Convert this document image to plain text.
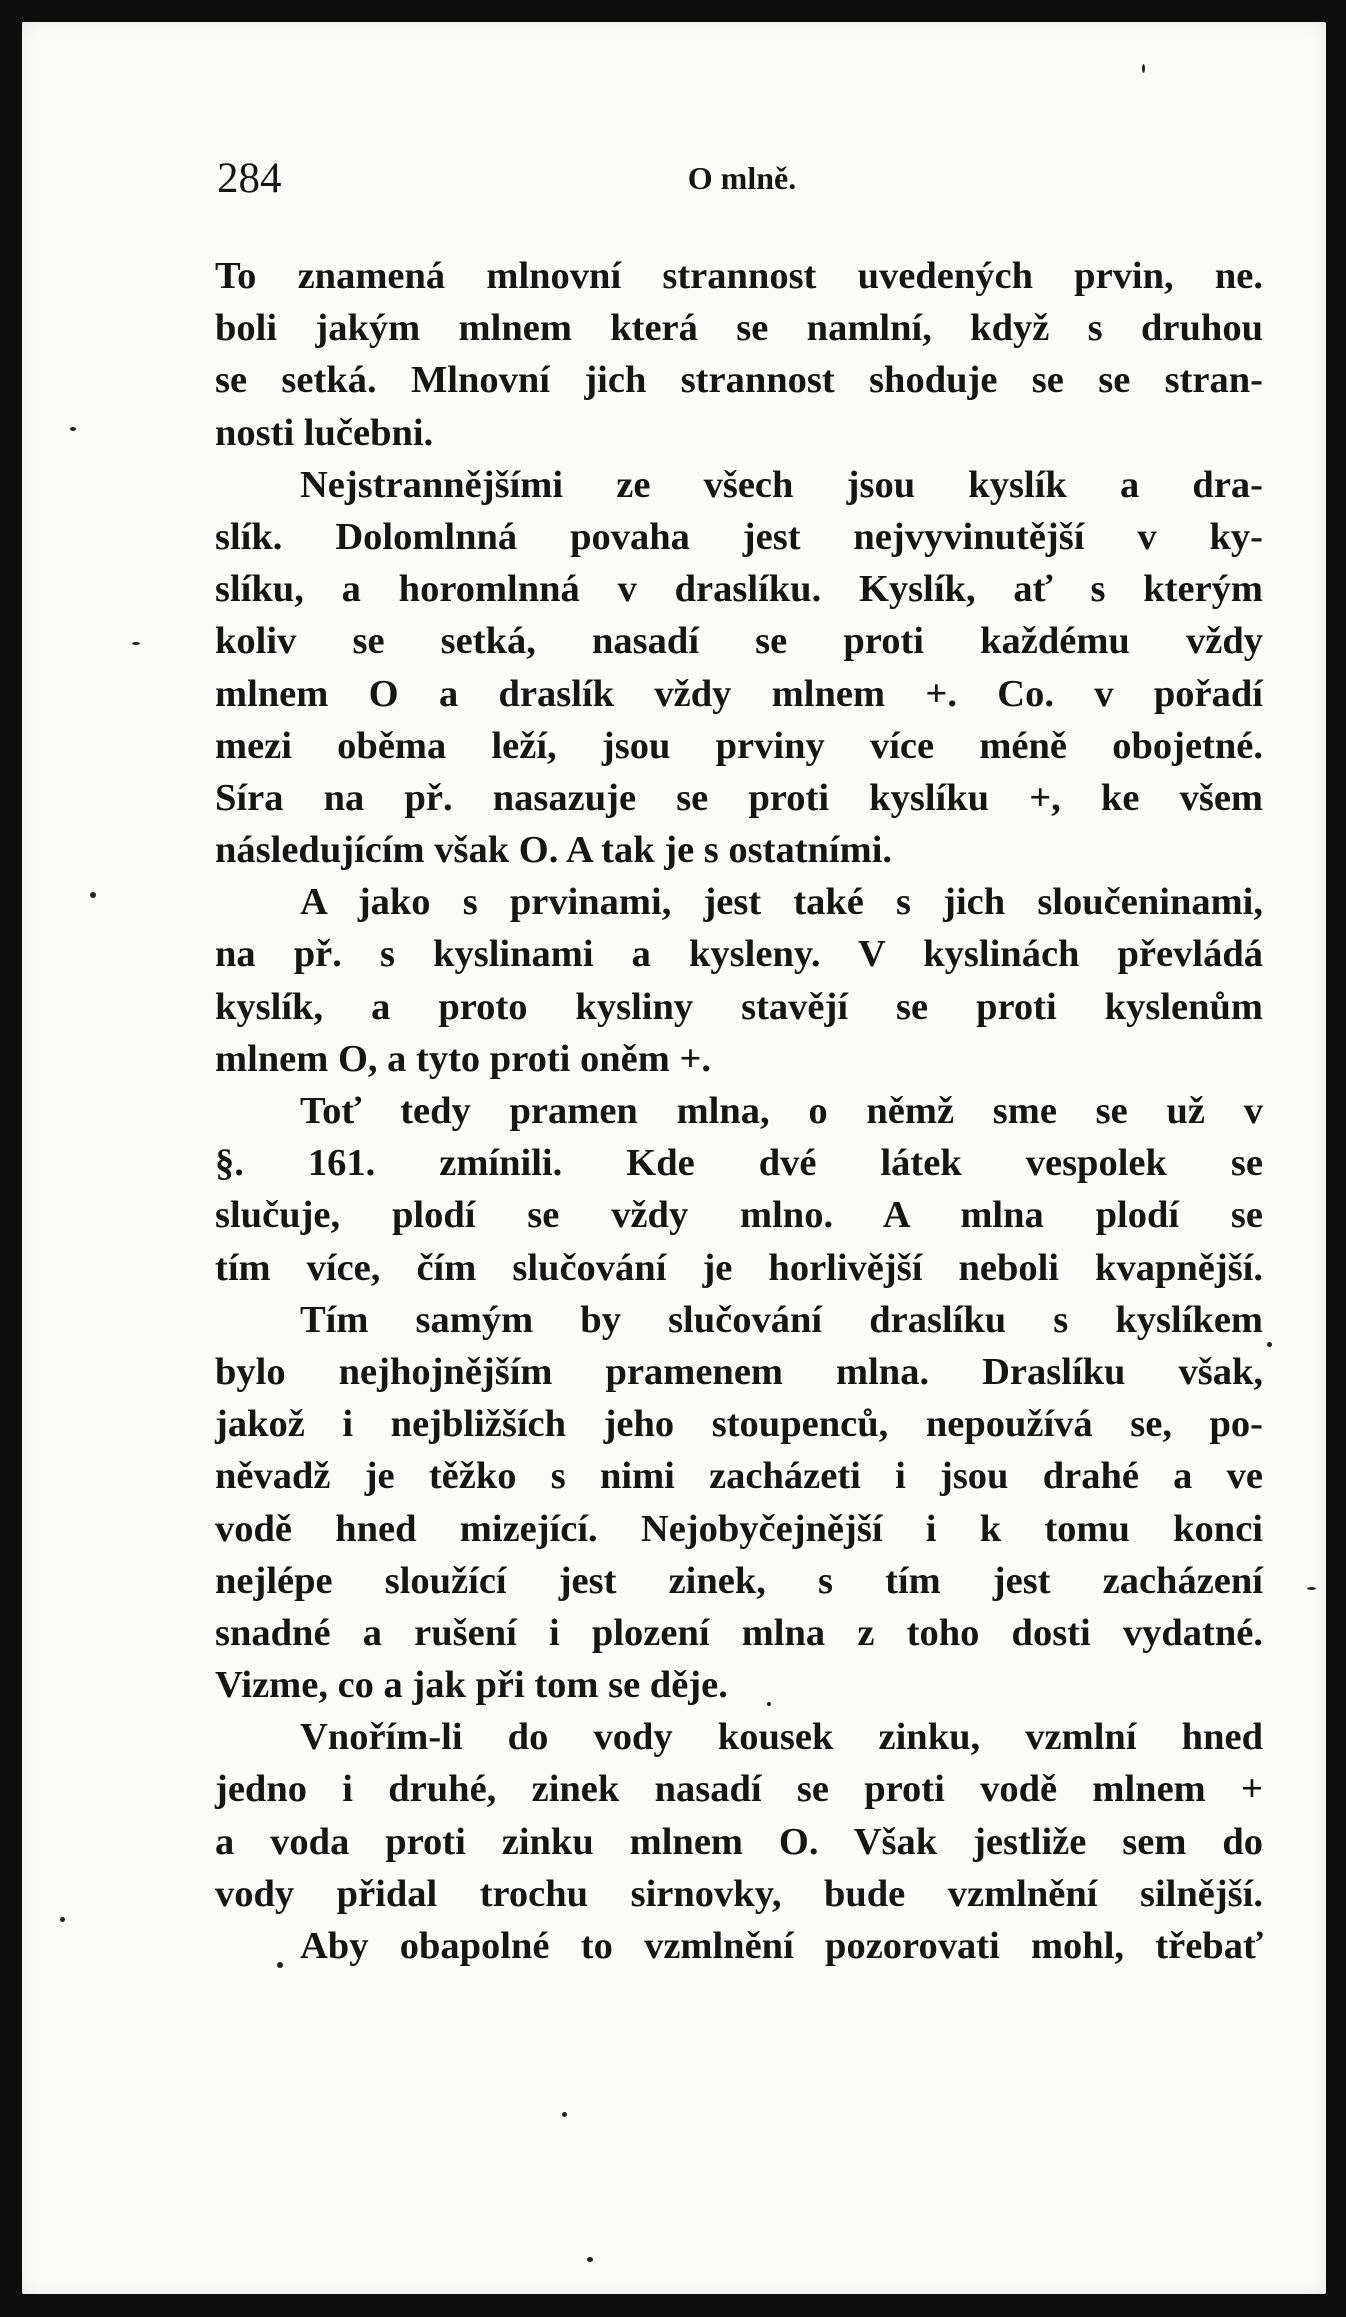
284	O mlně.
To znamená mlnovní strannost uvedených prvin, ne.
boli jakým mlnem která se namlní, když s druhou
se setká. Mlnovní jich strannost shoduje se se stran-
nosti lučebni.
Nejstrannějšími ze všech jsou kyslík a dra-
slík. Dolomlnná povaha jest nejvyvinutější v ky-
slíku, a horomlnná v draslíku. Kyslík, ať s kterým
koliv se setká, nasadí se proti každému vždy
mlnem O a draslík vždy mlnem +. Co. v pořadí
mezi oběma leží, jsou prviny více méně obojetné.
Síra na př. nasazuje se proti kyslíku +, ke všem
následujícím však O. A tak je s ostatními.
A jako s prvinami, jest také s jich sloučeninami,
na př. s kyslinami a kysleny. V kyslinách převládá
kyslík, a proto kysliny stavějí se proti kyslenům
mlnem O, a tyto proti oněm +.
Toť tedy pramen mlna, o němž sme se už v
§. 161. zmínili. Kde dvé látek vespolek se
slučuje, plodí se vždy mlno. A mlna plodí se
tím více, čím slučování je horlivější neboli kvapnější.
Tím samým by slučování draslíku s kyslíkem
bylo nejhojnějším pramenem mlna. Draslíku však,
jakož i nejbližších jeho stoupenců, nepoužívá se, po-
něvadž je těžko s nimi zacházeti i jsou drahé a ve
vodě hned mizející. Nejobyčejnější i k tomu konci
nejlépe sloužící jest zinek, s tím jest zacházení
snadné a rušení i plození mlna z toho dosti vydatné.
Vizme, co a jak při tom se děje.
Vnořím-li do vody kousek zinku, vzmlní hned
jedno i druhé, zinek nasadí se proti vodě mlnem +
a voda proti zinku mlnem O. Však jestliže sem do
vody přidal trochu sirnovky, bude vzmlnění silnější.
Aby obapolné to vzmlnění pozorovati mohl, třebať
